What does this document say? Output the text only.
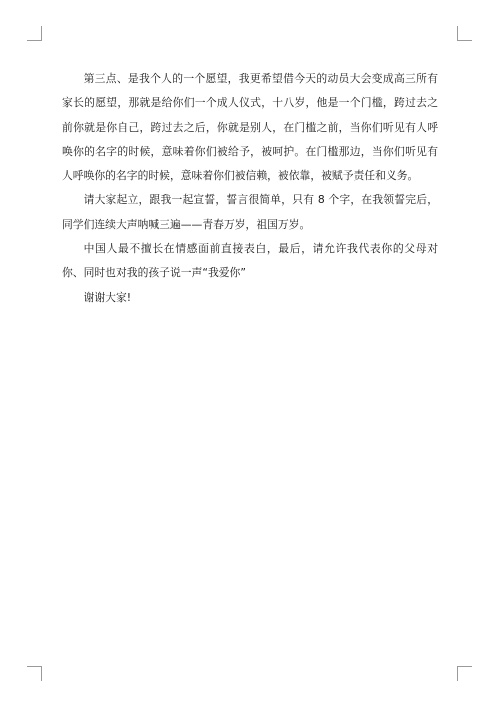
第三点、是我个人的一个愿望，我更希望借今天的动员大会变成高三所有家长的愿望，那就是给你们一个成人仪式，十八岁，他是一个门槛，跨过去之前你就是你自己，跨过去之后，你就是别人，在门槛之前，当你们听见有人呼唤你的名字的时候，意味着你们被给予，被呵护。在门槛那边，当你们听见有人呼唤你的名字的时候，意味着你们被信赖，被依靠，被赋予责任和义务。

请大家起立，跟我一起宣誓，誓言很简单，只有 8 个字，在我领誓完后，同学们连续大声呐喊三遍——青春万岁，祖国万岁。

中国人最不擅长在情感面前直接表白，最后，请允许我代表你的父母对你、同时也对我的孩子说一声“我爱你”

谢谢大家!
